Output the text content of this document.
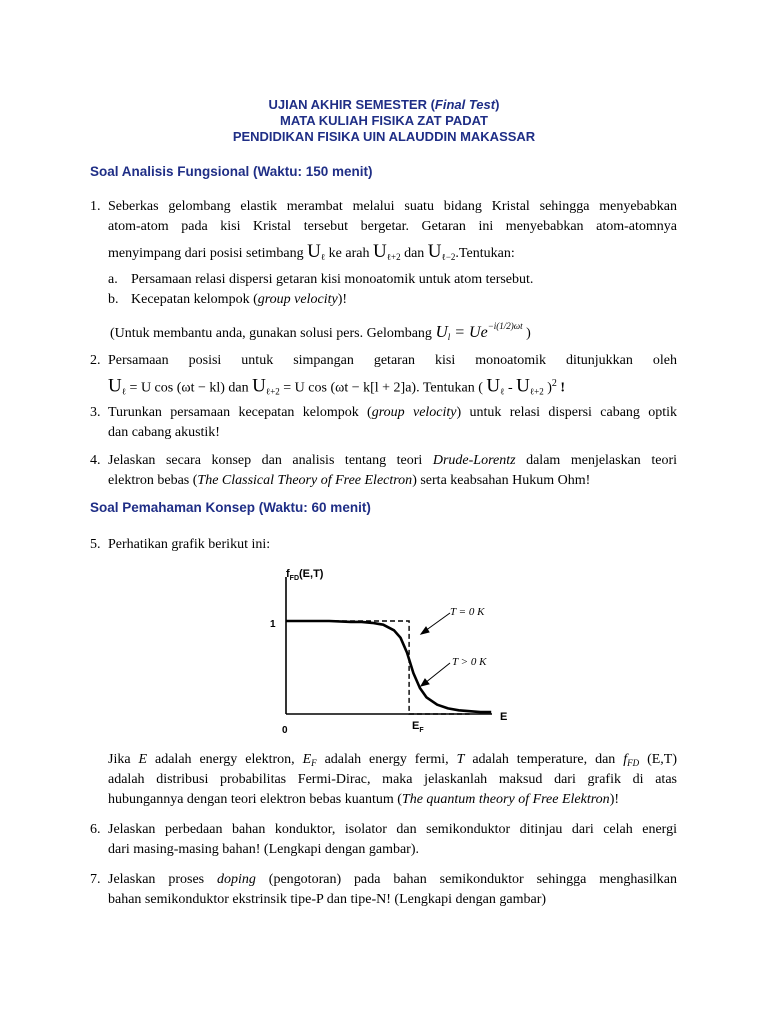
UJIAN AKHIR SEMESTER (Final Test)
MATA KULIAH FISIKA ZAT PADAT
PENDIDIKAN FISIKA UIN ALAUDDIN MAKASSAR
Soal Analisis Fungsional (Waktu: 150 menit)
1. Seberkas gelombang elastik merambat melalui suatu bidang Kristal sehingga menyebabkan
atom-atom pada kisi Kristal tersebut bergetar. Getaran ini menyebabkan atom-atomnya
menyimpang dari posisi setimbang $U_\ell$ ke arah $U_{\ell+2}$ dan $U_{\ell-2}.Tentukan$:
a. Persamaan relasi dispersi getaran kisi monoatomik untuk atom tersebut.
b. Kecepatan kelompok (group velocity)!
(Untuk membantu anda, gunakan solusi pers. Gelombang $U_l = Ue^{-i(1/2)\omega t}$ )
2. Persamaan posisi untuk simpangan getaran kisi monoatomik ditunjukkan oleh
$U_\ell = U$ cos (ωt − kl) dan $U_{\ell+2} = U$ cos (ωt − k[l + 2]a). Tentukan ( $U_\ell - U_{\ell+2}$ )$^2$ !
3. Turunkan persamaan kecepatan kelompok (group velocity) untuk relasi dispersi cabang optik
dan cabang akustik!
4. Jelaskan secara konsep dan analisis tentang teori Drude-Lorentz dalam menjelaskan teori
elektron bebas (The Classical Theory of Free Electron) serta keabsahan Hukum Ohm!
Soal Pemahaman Konsep (Waktu: 60 menit)
5. Perhatikan grafik berikut ini:
$f_{FD}(E,T)$
1
0
E
$E_F$
T = 0 K
T > 0 K
Jika E adalah energy elektron, $E_F$ adalah energy fermi, T adalah temperature, dan $f_{FD}$ (E,T)
adalah distribusi probabilitas Fermi-Dirac, maka jelaskanlah maksud dari grafik di atas
hubungannya dengan teori elektron bebas kuantum (The quantum theory of Free Elektron)!
6. Jelaskan perbedaan bahan konduktor, isolator dan semikonduktor ditinjau dari celah energi
dari masing-masing bahan! (Lengkapi dengan gambar).
7. Jelaskan proses doping (pengotoran) pada bahan semikonduktor sehingga menghasilkan
bahan semikonduktor ekstrinsik tipe-P dan tipe-N! (Lengkapi dengan gambar)
